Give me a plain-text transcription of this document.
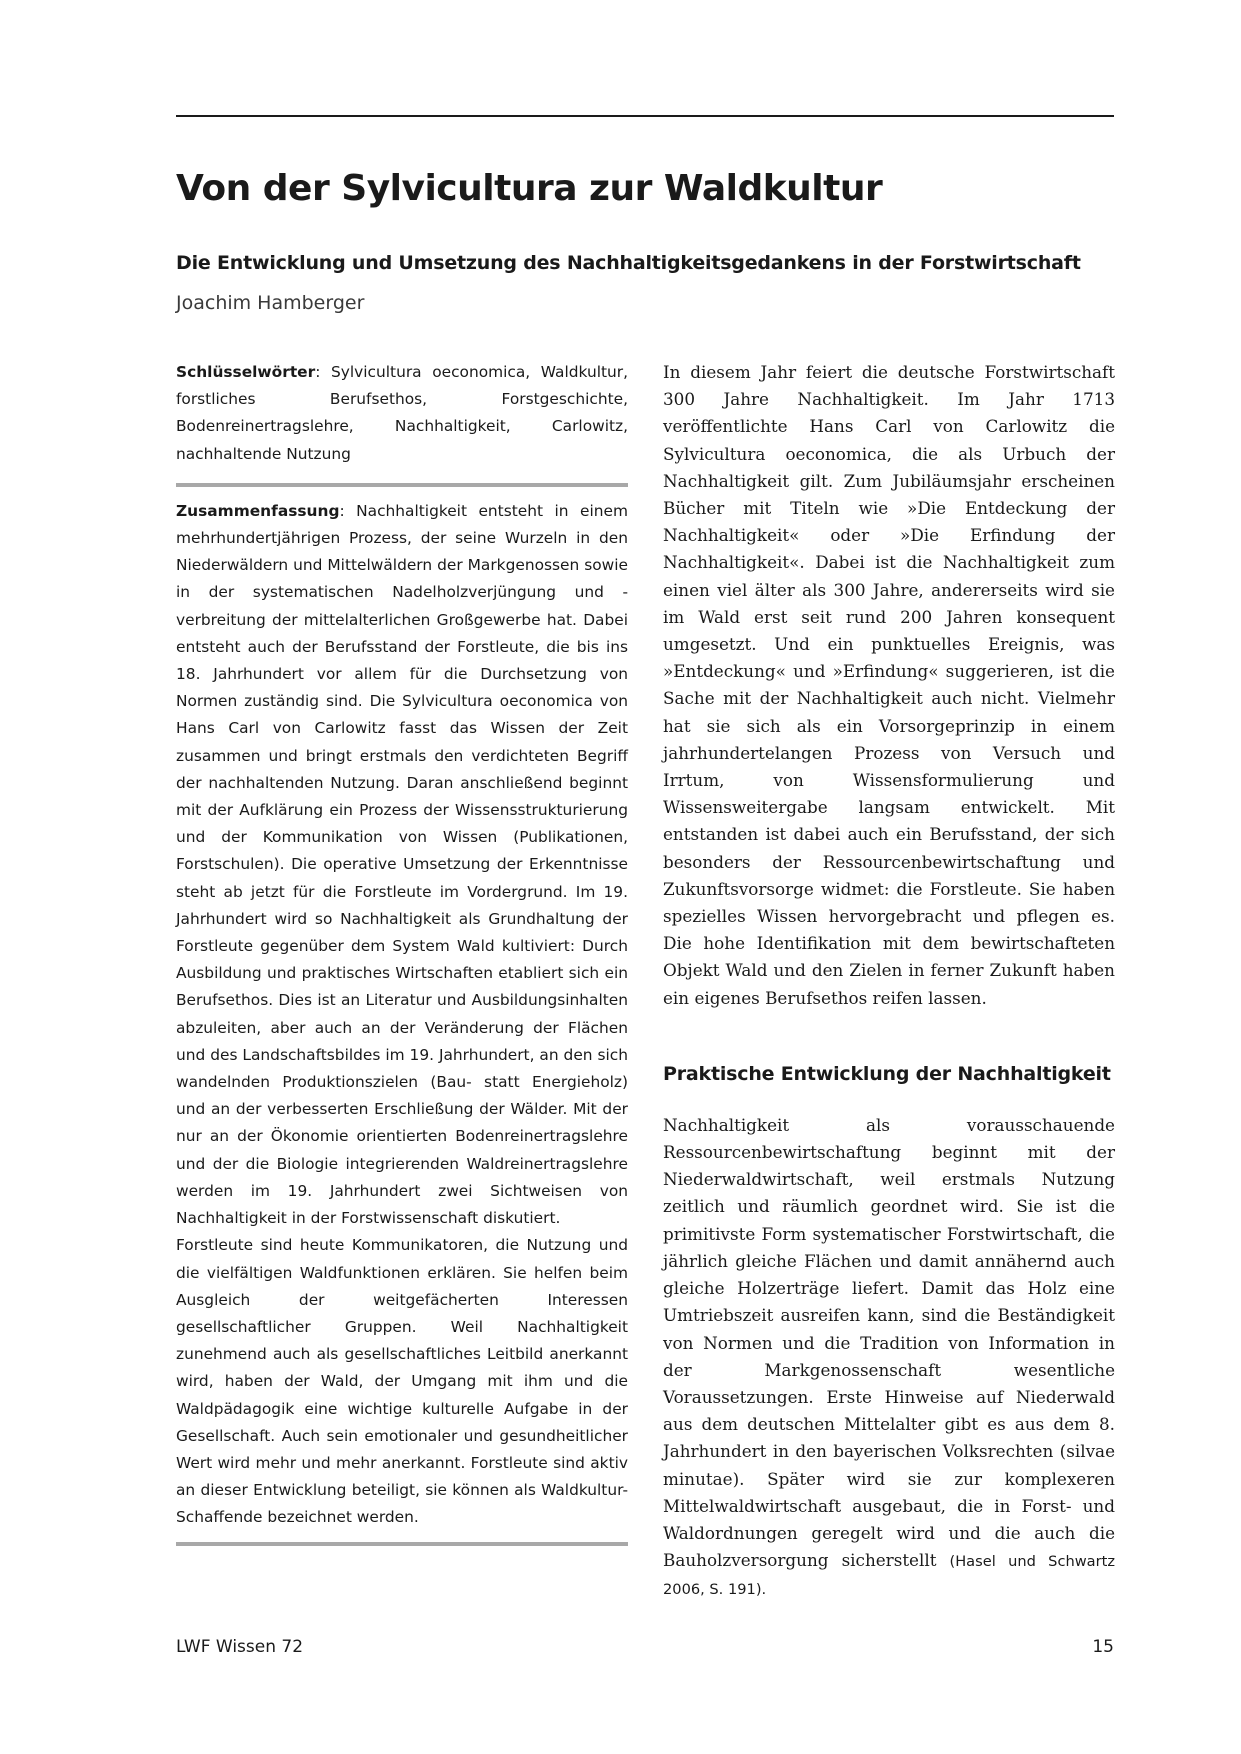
Von der Sylvicultura zur Waldkultur
Die Entwicklung und Umsetzung des Nachhaltigkeitsgedankens in der Forstwirtschaft

Joachim Hamberger

Schlüsselwörter: Sylvicultura oeconomica, Waldkultur, forstliches Berufsethos, Forstgeschichte, Bodenreinertragslehre, Nachhaltigkeit, Carlowitz, nachhaltende Nutzung

Zusammenfassung: Nachhaltigkeit entsteht in einem mehrhundertjährigen Prozess, der seine Wurzeln in den Niederwäldern und Mittelwäldern der Markgenossen sowie in der systematischen Nadelholzverjüngung und -verbreitung der mittelalterlichen Großgewerbe hat. Dabei entsteht auch der Berufsstand der Forstleute, die bis ins 18. Jahrhundert vor allem für die Durchsetzung von Normen zuständig sind. Die Sylvicultura oeconomica von Hans Carl von Carlowitz fasst das Wissen der Zeit zusammen und bringt erstmals den verdichteten Begriff der nachhaltenden Nutzung. Daran anschließend beginnt mit der Aufklärung ein Prozess der Wissensstrukturierung und der Kommunikation von Wissen (Publikationen, Forstschulen). Die operative Umsetzung der Erkenntnisse steht ab jetzt für die Forstleute im Vordergrund. Im 19. Jahrhundert wird so Nachhaltigkeit als Grundhaltung der Forstleute gegenüber dem System Wald kultiviert: Durch Ausbildung und praktisches Wirtschaften etabliert sich ein Berufsethos. Dies ist an Literatur und Ausbildungsinhalten abzuleiten, aber auch an der Veränderung der Flächen und des Landschaftsbildes im 19. Jahrhundert, an den sich wandelnden Produktionszielen (Bau- statt Energieholz) und an der verbesserten Erschließung der Wälder. Mit der nur an der Ökonomie orientierten Bodenreinertragslehre und der die Biologie integrierenden Waldreinertragslehre werden im 19. Jahrhundert zwei Sichtweisen von Nachhaltigkeit in der Forstwissenschaft diskutiert.

Forstleute sind heute Kommunikatoren, die Nutzung und die vielfältigen Waldfunktionen erklären. Sie helfen beim Ausgleich der weitgefächerten Interessen gesellschaftlicher Gruppen. Weil Nachhaltigkeit zunehmend auch als gesellschaftliches Leitbild anerkannt wird, haben der Wald, der Umgang mit ihm und die Waldpädagogik eine wichtige kulturelle Aufgabe in der Gesellschaft. Auch sein emotionaler und gesundheitlicher Wert wird mehr und mehr anerkannt. Forstleute sind aktiv an dieser Entwicklung beteiligt, sie können als Waldkultur-Schaffende bezeichnet werden.

In diesem Jahr feiert die deutsche Forstwirtschaft 300 Jahre Nachhaltigkeit. Im Jahr 1713 veröffentlichte Hans Carl von Carlowitz die Sylvicultura oeconomica, die als Urbuch der Nachhaltigkeit gilt. Zum Jubiläumsjahr erscheinen Bücher mit Titeln wie »Die Entdeckung der Nachhaltigkeit« oder »Die Erfindung der Nachhaltigkeit«. Dabei ist die Nachhaltigkeit zum einen viel älter als 300 Jahre, andererseits wird sie im Wald erst seit rund 200 Jahren konsequent umgesetzt. Und ein punktuelles Ereignis, was »Entdeckung« und »Erfindung« suggerieren, ist die Sache mit der Nachhaltigkeit auch nicht. Vielmehr hat sie sich als ein Vorsorgeprinzip in einem jahrhundertelangen Prozess von Versuch und Irrtum, von Wissensformulierung und Wissensweitergabe langsam entwickelt. Mit entstanden ist dabei auch ein Berufsstand, der sich besonders der Ressourcenbewirtschaftung und Zukunftsvorsorge widmet: die Forstleute. Sie haben spezielles Wissen hervorgebracht und pflegen es. Die hohe Identifikation mit dem bewirtschafteten Objekt Wald und den Zielen in ferner Zukunft haben ein eigenes Berufsethos reifen lassen.

Praktische Entwicklung der Nachhaltigkeit

Nachhaltigkeit als vorausschauende Ressourcenbewirtschaftung beginnt mit der Niederwaldwirtschaft, weil erstmals Nutzung zeitlich und räumlich geordnet wird. Sie ist die primitivste Form systematischer Forstwirtschaft, die jährlich gleiche Flächen und damit annähernd auch gleiche Holzerträge liefert. Damit das Holz eine Umtriebszeit ausreifen kann, sind die Beständigkeit von Normen und die Tradition von Information in der Markgenossenschaft wesentliche Voraussetzungen. Erste Hinweise auf Niederwald aus dem deutschen Mittelalter gibt es aus dem 8. Jahrhundert in den bayerischen Volksrechten (silvae minutae). Später wird sie zur komplexeren Mittelwaldwirtschaft ausgebaut, die in Forst- und Waldordnungen geregelt wird und die auch die Bauholzversorgung sicherstellt (Hasel und Schwartz 2006, S. 191).

LWF Wissen 72	15
